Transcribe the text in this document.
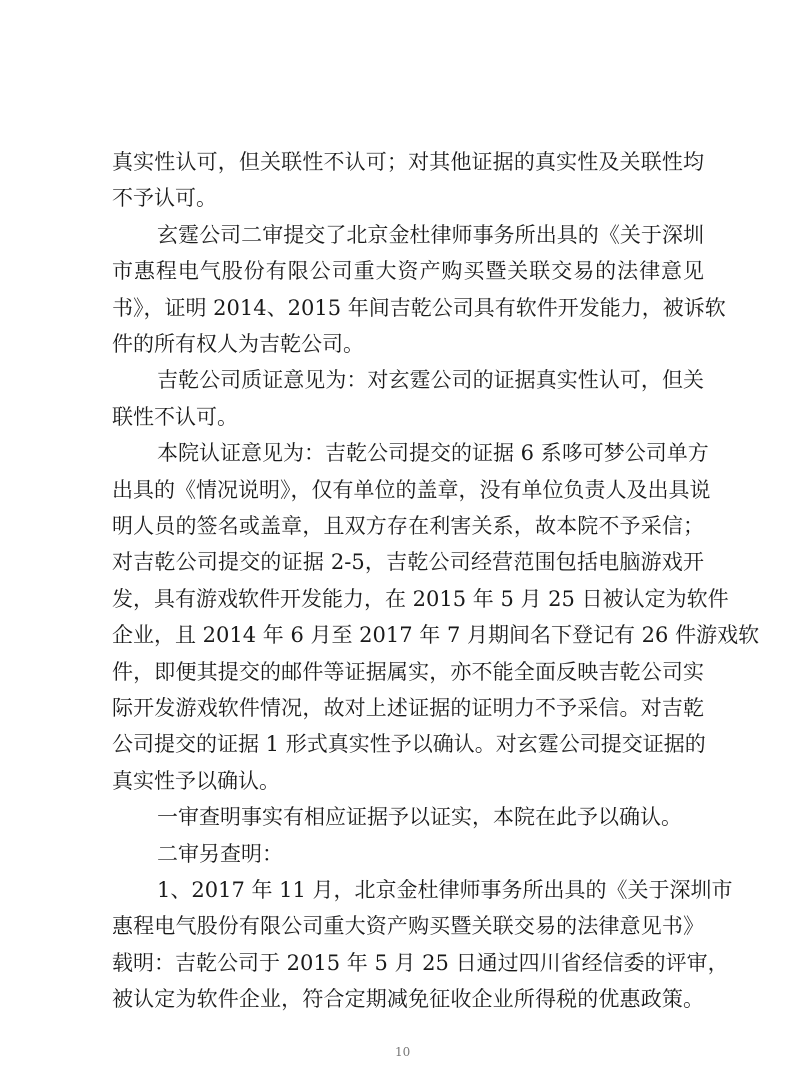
真实性认可，但关联性不认可；对其他证据的真实性及关联性均
不予认可。
玄霆公司二审提交了北京金杜律师事务所出具的《关于深圳
市惠程电气股份有限公司重大资产购买暨关联交易的法律意见
书》，证明 2014、2015 年间吉乾公司具有软件开发能力，被诉软
件的所有权人为吉乾公司。
吉乾公司质证意见为：对玄霆公司的证据真实性认可，但关
联性不认可。
本院认证意见为：吉乾公司提交的证据 6 系哆可梦公司单方
出具的《情况说明》，仅有单位的盖章，没有单位负责人及出具说
明人员的签名或盖章，且双方存在利害关系，故本院不予采信；
对吉乾公司提交的证据 2-5，吉乾公司经营范围包括电脑游戏开
发，具有游戏软件开发能力，在 2015 年 5 月 25 日被认定为软件
企业，且 2014 年 6 月至 2017 年 7 月期间名下登记有 26 件游戏软
件，即便其提交的邮件等证据属实，亦不能全面反映吉乾公司实
际开发游戏软件情况，故对上述证据的证明力不予采信。对吉乾
公司提交的证据 1 形式真实性予以确认。对玄霆公司提交证据的
真实性予以确认。
一审查明事实有相应证据予以证实，本院在此予以确认。
二审另查明：
1、2017 年 11 月，北京金杜律师事务所出具的《关于深圳市
惠程电气股份有限公司重大资产购买暨关联交易的法律意见书》
载明：吉乾公司于 2015 年 5 月 25 日通过四川省经信委的评审，
被认定为软件企业，符合定期减免征收企业所得税的优惠政策。
10
